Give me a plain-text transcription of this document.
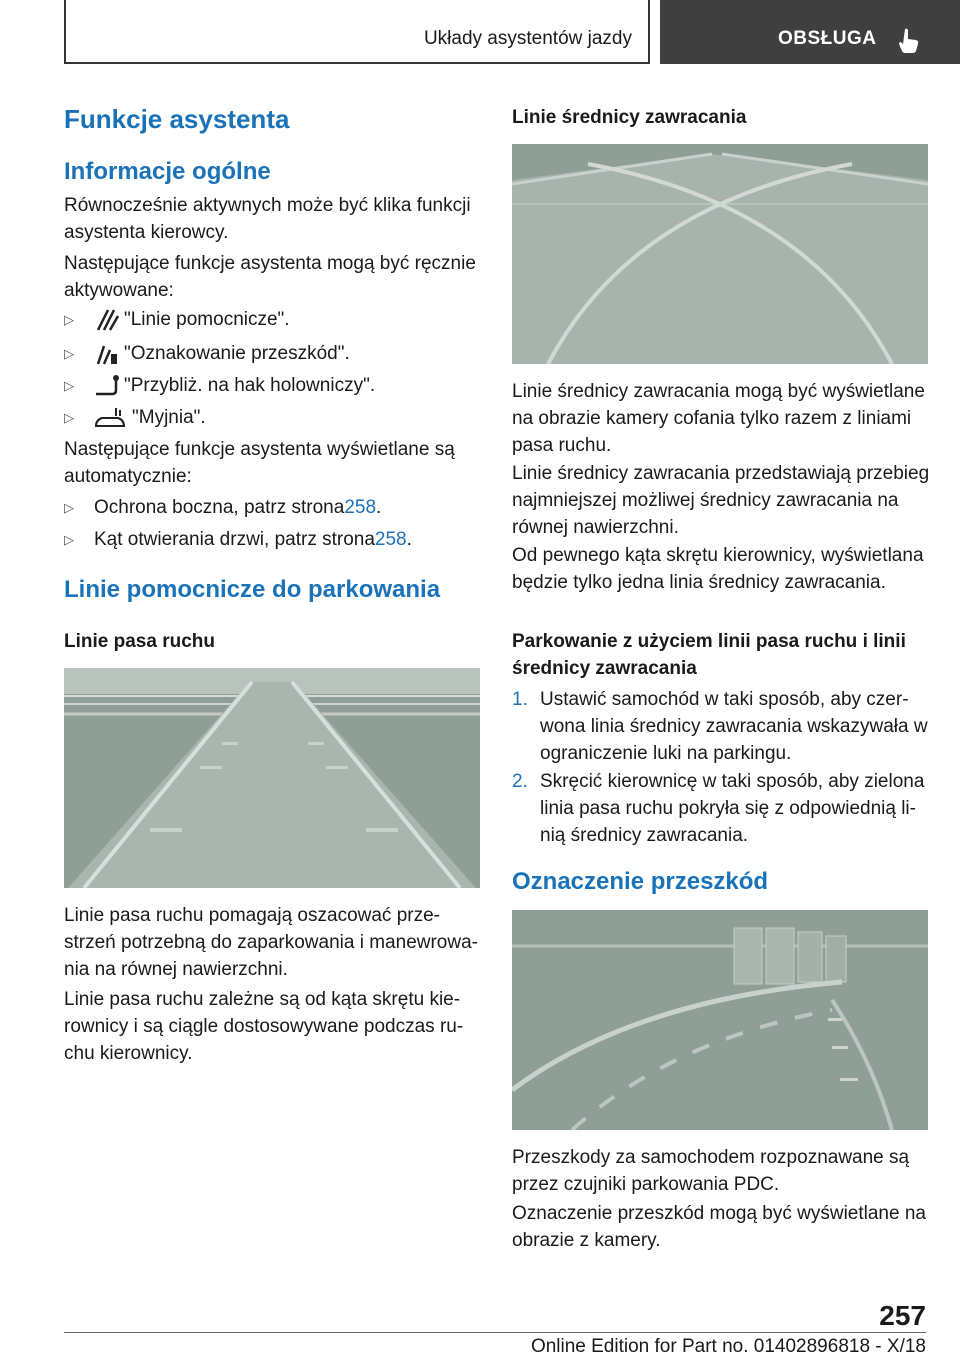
Układy asystentów jazdy	OBSŁUGA
Funkcje asystenta
Informacje ogólne

Równocześnie aktywnych może być klika funkcji asystenta kierowcy.

Następujące funkcje asystenta mogą być ręcznie aktywowane:

▷	"Linie pomocnicze".
▷	"Oznakowanie przeszkód".
▷	"Przybliż. na hak holowniczy".
▷	"Myjnia".

Następujące funkcje asystenta wyświetlane są automatycznie:

▷	Ochrona boczna, patrz strona 258 .
▷	Kąt otwierania drzwi, patrz strona 258 .
Linie pomocnicze do parkowania
Linie pasa ruchu

Linie pasa ruchu pomagają oszacować prze-strzeń potrzebną do zaparkowania i manewrowa-nia na równej nawierzchni.

Linie pasa ruchu zależne są od kąta skrętu kie-rownicy i są ciągle dostosowywane podczas ru-chu kierownicy.

Linie średnicy zawracania

Linie średnicy zawracania mogą być wyświetlane na obrazie kamery cofania tylko razem z liniami pasa ruchu.

Linie średnicy zawracania przedstawiają przebieg najmniejszej możliwej średnicy zawracania na równej nawierzchni.

Od pewnego kąta skrętu kierownicy, wyświetlana będzie tylko jedna linia średnicy zawracania.

Parkowanie z użyciem linii pasa ruchu i linii średnicy zawracania
1. Ustawić samochód w taki sposób, aby czer-wona linia średnicy zawracania wskazywała w ograniczenie luki na parkingu.
2. Skręcić kierownicę w taki sposób, aby zielona linia pasa ruchu pokryła się z odpowiednią li-nią średnicy zawracania.
Oznaczenie przeszkód

Przeszkody za samochodem rozpoznawane są przez czujniki parkowania PDC.

Oznaczenie przeszkód mogą być wyświetlane na obrazie z kamery.

257
Online Edition for Part no. 01402896818 - X/18
